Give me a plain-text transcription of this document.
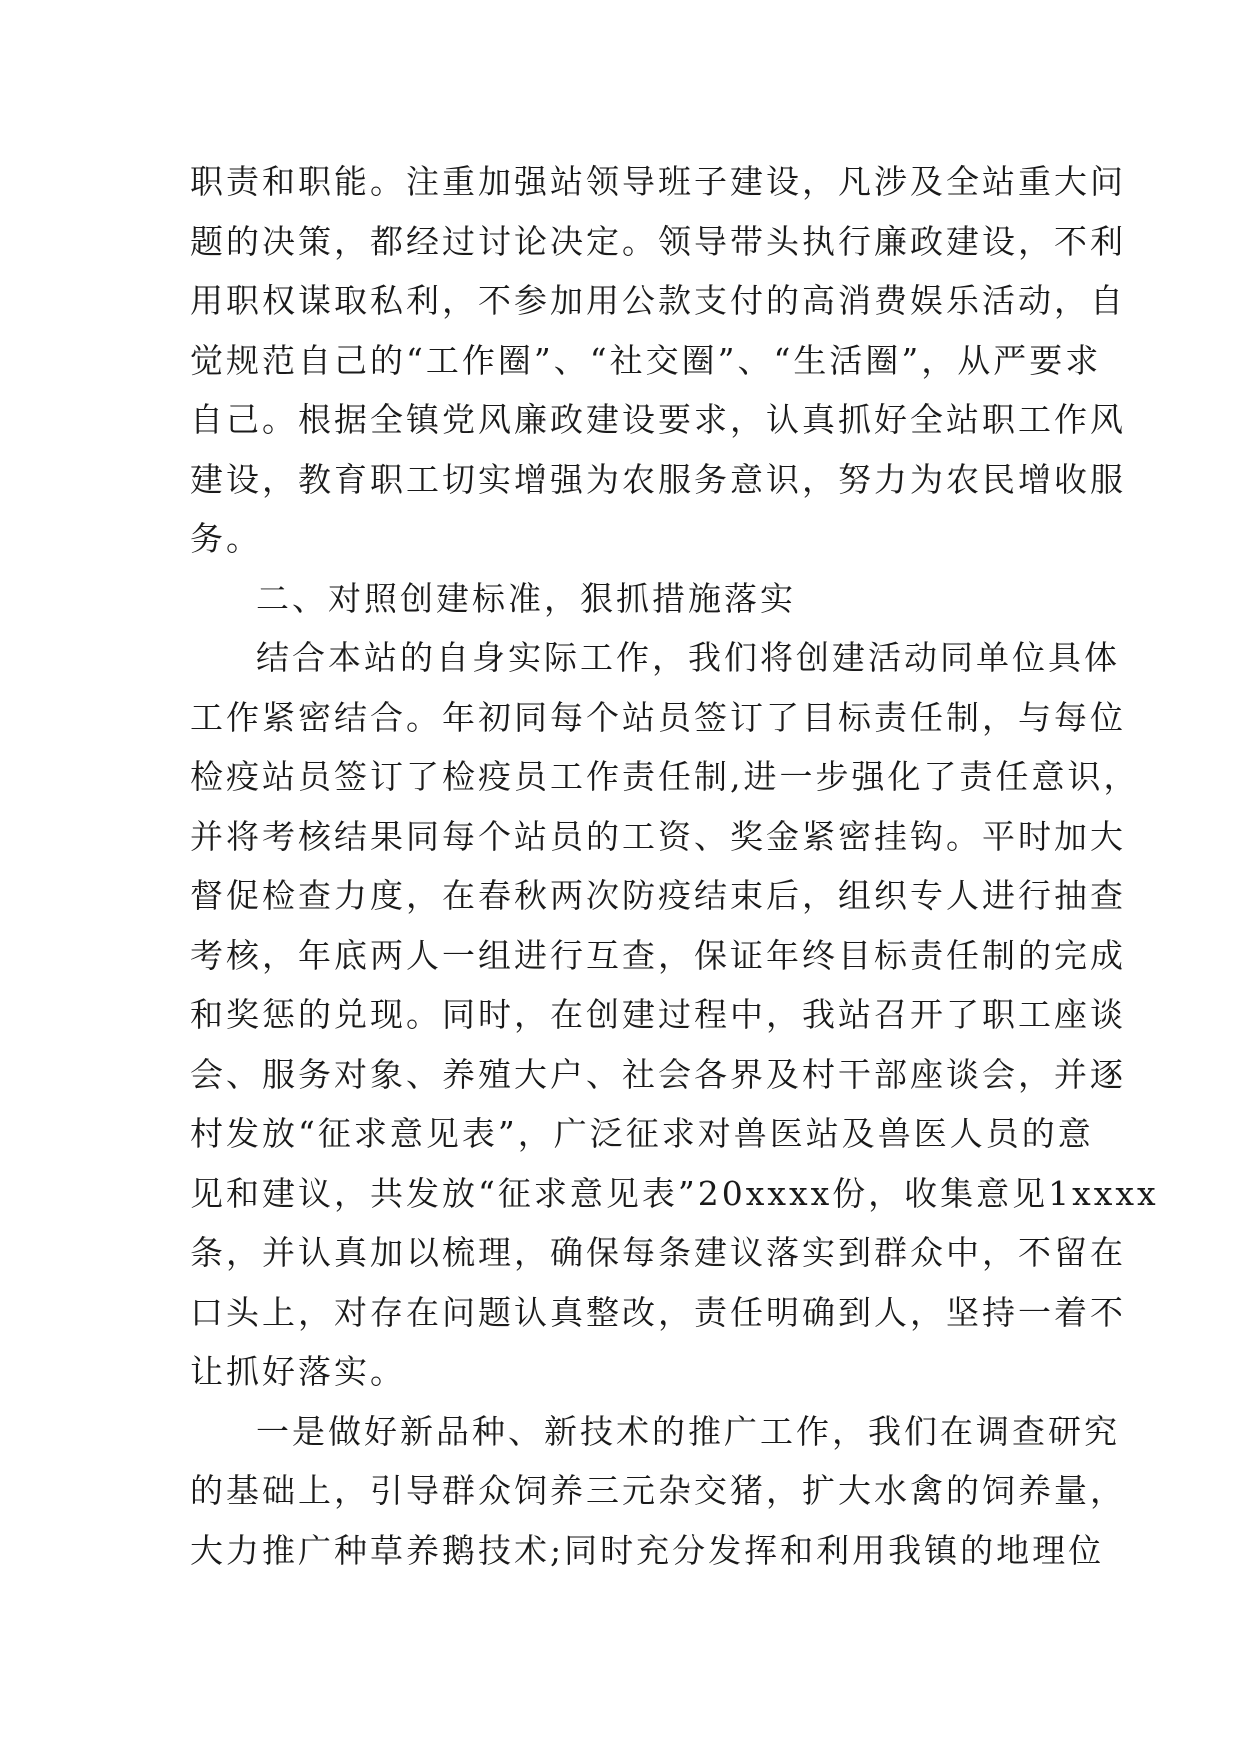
职责和职能。注重加强站领导班子建设，凡涉及全站重大问
题的决策，都经过讨论决定。领导带头执行廉政建设，不利
用职权谋取私利，不参加用公款支付的高消费娱乐活动，自
觉规范自己的“工作圈”、“社交圈”、“生活圈”，从严要求
自己。根据全镇党风廉政建设要求，认真抓好全站职工作风
建设，教育职工切实增强为农服务意识，努力为农民增收服
务。
二、对照创建标准，狠抓措施落实
结合本站的自身实际工作，我们将创建活动同单位具体
工作紧密结合。年初同每个站员签订了目标责任制，与每位
检疫站员签订了检疫员工作责任制,进一步强化了责任意识，
并将考核结果同每个站员的工资、奖金紧密挂钩。平时加大
督促检查力度，在春秋两次防疫结束后，组织专人进行抽查
考核，年底两人一组进行互查，保证年终目标责任制的完成
和奖惩的兑现。同时，在创建过程中，我站召开了职工座谈
会、服务对象、养殖大户、社会各界及村干部座谈会，并逐
村发放“征求意见表”，广泛征求对兽医站及兽医人员的意
见和建议，共发放“征求意见表”20xxxx份，收集意见1xxxx
条，并认真加以梳理，确保每条建议落实到群众中，不留在
口头上，对存在问题认真整改，责任明确到人，坚持一着不
让抓好落实。
一是做好新品种、新技术的推广工作，我们在调查研究
的基础上，引导群众饲养三元杂交猪，扩大水禽的饲养量，
大力推广种草养鹅技术;同时充分发挥和利用我镇的地理位
